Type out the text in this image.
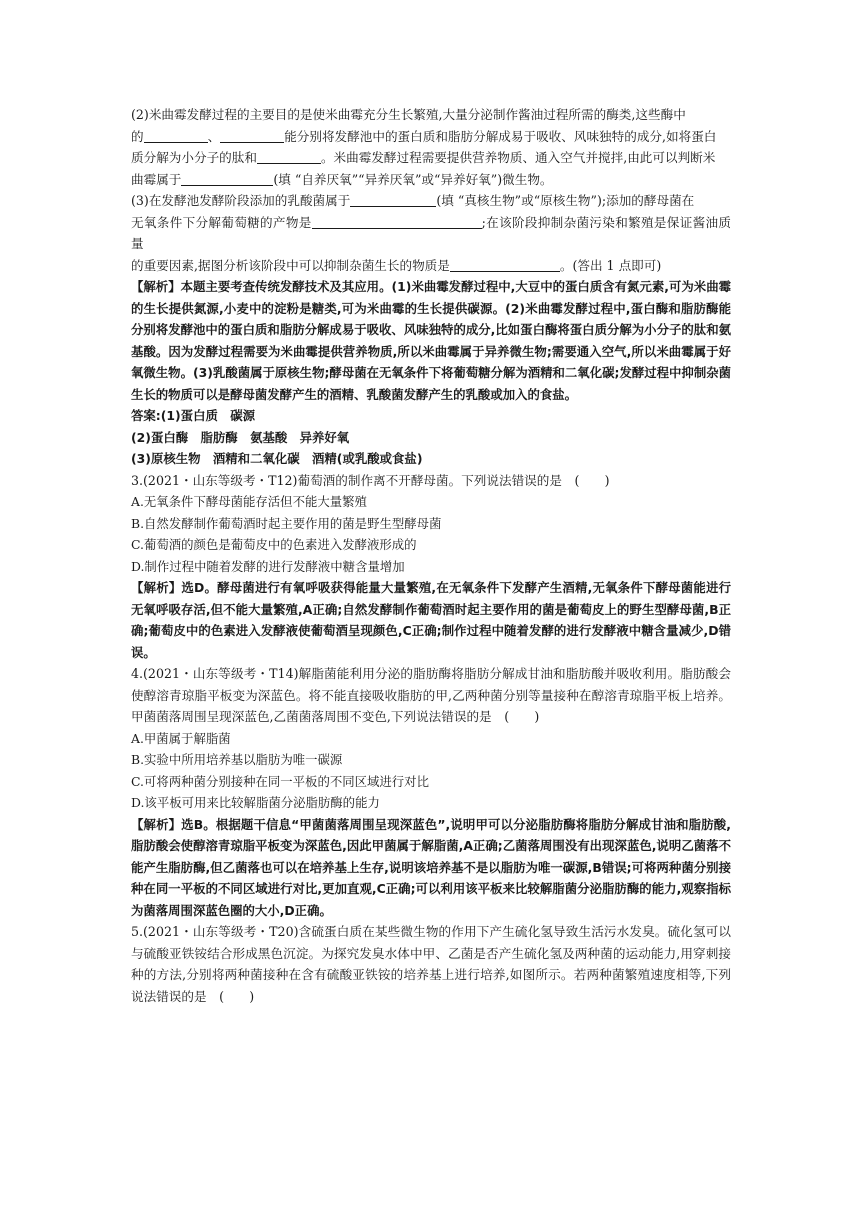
(2)米曲霉发酵过程的主要目的是使米曲霉充分生长繁殖,大量分泌制作酱油过程所需的酶类,这些酶中

的	、	能分别将发酵池中的蛋白质和脂肪分解成易于吸收、风味独特的成分,如将蛋白

质分解为小分子的肽和	。米曲霉发酵过程需要提供营养物质、通入空气并搅拌,由此可以判断米

曲霉属于	(填 “自养厌氧”“异养厌氧”或“异养好氧”)微生物。

(3)在发酵池发酵阶段添加的乳酸菌属于	(填 “真核生物”或“原核生物”);添加的酵母菌在

无氧条件下分解葡萄糖的产物是	;在该阶段抑制杂菌污染和繁殖是保证酱油质量

的重要因素,据图分析该阶段中可以抑制杂菌生长的物质是	。(答出 1 点即可)

【解析】本题主要考查传统发酵技术及其应用。(1)米曲霉发酵过程中,大豆中的蛋白质含有氮元素,可为米曲霉的生长提供氮源,小麦中的淀粉是糖类,可为米曲霉的生长提供碳源。(2)米曲霉发酵过程中,蛋白酶和脂肪酶能分别将发酵池中的蛋白质和脂肪分解成易于吸收、风味独特的成分,比如蛋白酶将蛋白质分解为小分子的肽和氨基酸。因为发酵过程需要为米曲霉提供营养物质,所以米曲霉属于异养微生物;需要通入空气,所以米曲霉属于好氧微生物。(3)乳酸菌属于原核生物;酵母菌在无氧条件下将葡萄糖分解为酒精和二氧化碳;发酵过程中抑制杂菌生长的物质可以是酵母菌发酵产生的酒精、乳酸菌发酵产生的乳酸或加入的食盐。

答案:(1)蛋白质　碳源

(2)蛋白酶　脂肪酶　氨基酸　异养好氧

(3)原核生物　酒精和二氧化碳　酒精(或乳酸或食盐)

3.(2021・山东等级考・T12)葡萄酒的制作离不开酵母菌。下列说法错误的是　(　　)

A.无氧条件下酵母菌能存活但不能大量繁殖

B.自然发酵制作葡萄酒时起主要作用的菌是野生型酵母菌

C.葡萄酒的颜色是葡萄皮中的色素进入发酵液形成的

D.制作过程中随着发酵的进行发酵液中糖含量增加

【解析】选D。酵母菌进行有氧呼吸获得能量大量繁殖,在无氧条件下发酵产生酒精,无氧条件下酵母菌能进行无氧呼吸存活,但不能大量繁殖,A正确;自然发酵制作葡萄酒时起主要作用的菌是葡萄皮上的野生型酵母菌,B正确;葡萄皮中的色素进入发酵液使葡萄酒呈现颜色,C正确;制作过程中随着发酵的进行发酵液中糖含量减少,D错误。

4.(2021・山东等级考・T14)解脂菌能利用分泌的脂肪酶将脂肪分解成甘油和脂肪酸并吸收利用。脂肪酸会使醇溶青琼脂平板变为深蓝色。将不能直接吸收脂肪的甲,乙两种菌分别等量接种在醇溶青琼脂平板上培养。甲菌菌落周围呈现深蓝色,乙菌菌落周围不变色,下列说法错误的是　(　　)

A.甲菌属于解脂菌

B.实验中所用培养基以脂肪为唯一碳源

C.可将两种菌分别接种在同一平板的不同区域进行对比

D.该平板可用来比较解脂菌分泌脂肪酶的能力

【解析】选B。根据题干信息“甲菌菌落周围呈现深蓝色”,说明甲可以分泌脂肪酶将脂肪分解成甘油和脂肪酸,脂肪酸会使醇溶青琼脂平板变为深蓝色,因此甲菌属于解脂菌,A正确;乙菌落周围没有出现深蓝色,说明乙菌落不能产生脂肪酶,但乙菌落也可以在培养基上生存,说明该培养基不是以脂肪为唯一碳源,B错误;可将两种菌分别接种在同一平板的不同区域进行对比,更加直观,C正确;可以利用该平板来比较解脂菌分泌脂肪酶的能力,观察指标为菌落周围深蓝色圈的大小,D正确。

5.(2021・山东等级考・T20)含硫蛋白质在某些微生物的作用下产生硫化氢导致生活污水发臭。硫化氢可以与硫酸亚铁铵结合形成黑色沉淀。为探究发臭水体中甲、乙菌是否产生硫化氢及两种菌的运动能力,用穿刺接种的方法,分别将两种菌接种在含有硫酸亚铁铵的培养基上进行培养,如图所示。若两种菌繁殖速度相等,下列说法错误的是　(　　)
